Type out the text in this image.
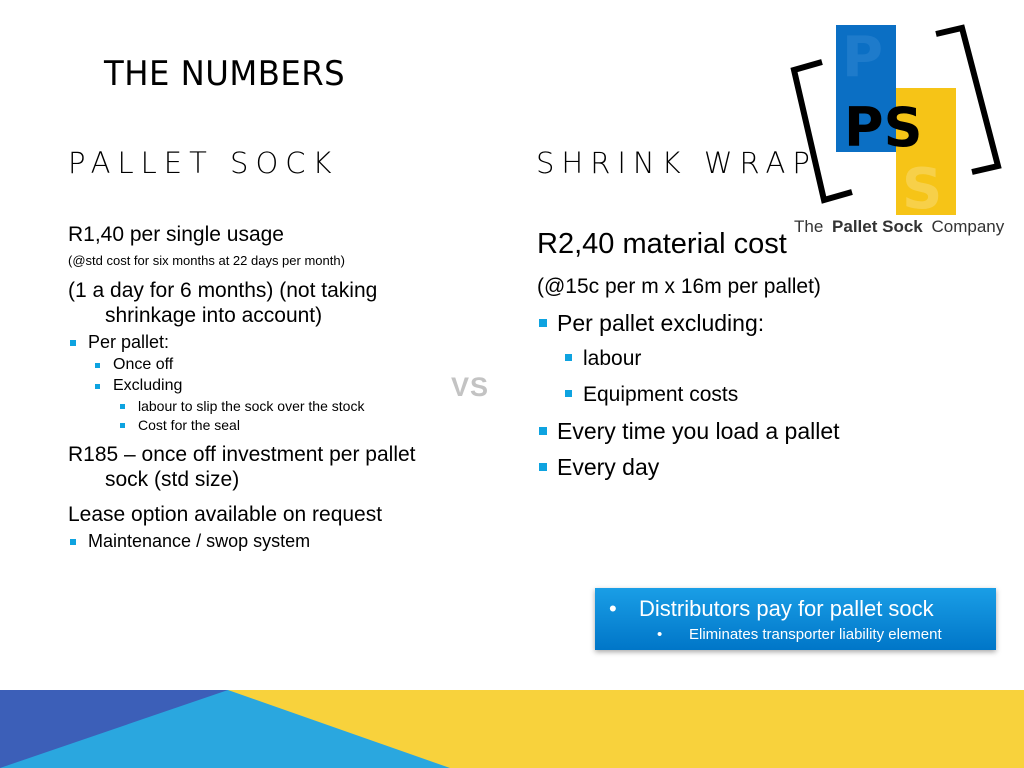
THE NUMBERS
PALLET SOCK	SHRINK WRAP
R1,40 per single usage
(@std cost for six months at 22 days per month)
(1 a day for 6 months) (not taking shrinkage into account)
Per pallet:
Once off
Excluding
labour to slip the sock over the stock
Cost for the seal
R185 – once off investment per pallet sock (std size)
Lease option available on request
Maintenance / swop system
VS
R2,40 material cost
(@15c per m x 16m per pallet)
Per pallet excluding:
labour
Equipment costs
Every time you load a pallet
Every day
P
S
PS
The Pallet Sock Company
• Distributors pay for pallet sock
• Eliminates transporter liability element
